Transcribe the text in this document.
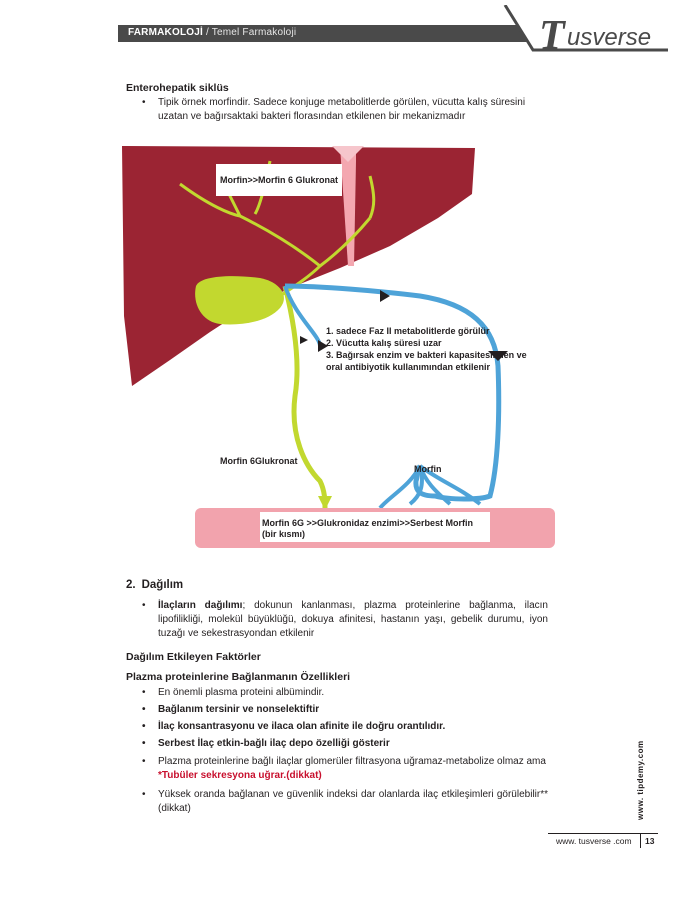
FARMAKOLOJİ / Temel Farmakoloji	T usverse
Enterohepatik siklüs
• Tipik örnek morfindir. Sadece konjuge metabolitlerde görülen, vücutta kalış süresini uzatan ve bağırsaktaki bakteri florasından etkilenen bir mekanizmadır
Morfin>>Morfin 6 Glukronat
1. sadece Faz II metabolitlerde görülür
2. Vücutta kalış süresi uzar
3. Bağırsak enzim ve bakteri kapasitesinden ve
oral antibiyotik kullanımından etkilenir
Morfin 6Glukronat
Morfin
Morfin 6G >>Glukronidaz enzimi>>Serbest Morfin
(bir kısmı)
2. Dağılım
• İlaçların dağılımı; dokunun kanlanması, plazma proteinlerine bağlanma, ilacın lipofilikliği, molekül büyüklüğü, dokuya afinitesi, hastanın yaşı, gebelik durumu, iyon tuzağı ve sekestrasyondan etkilenir
Dağılım Etkileyen Faktörler
Plazma proteinlerine Bağlanmanın Özellikleri
• En önemli plasma proteini albümindir.
• Bağlanım tersinir ve nonselektiftir
• İlaç konsantrasyonu ve ilaca olan afinite ile doğru orantılıdır.
• Serbest İlaç etkin-bağlı ilaç depo özelliği gösterir
• Plazma proteinlerine bağlı ilaçlar glomerüler filtrasyona uğramaz-metabolize olmaz ama *Tubüler sekresyona uğrar.(dikkat)
• Yüksek oranda bağlanan ve güvenlik indeksi dar olanlarda ilaç etkileşimleri görülebilir**(dikkat)	www. tipdemy.com
www. tusverse .com 13
